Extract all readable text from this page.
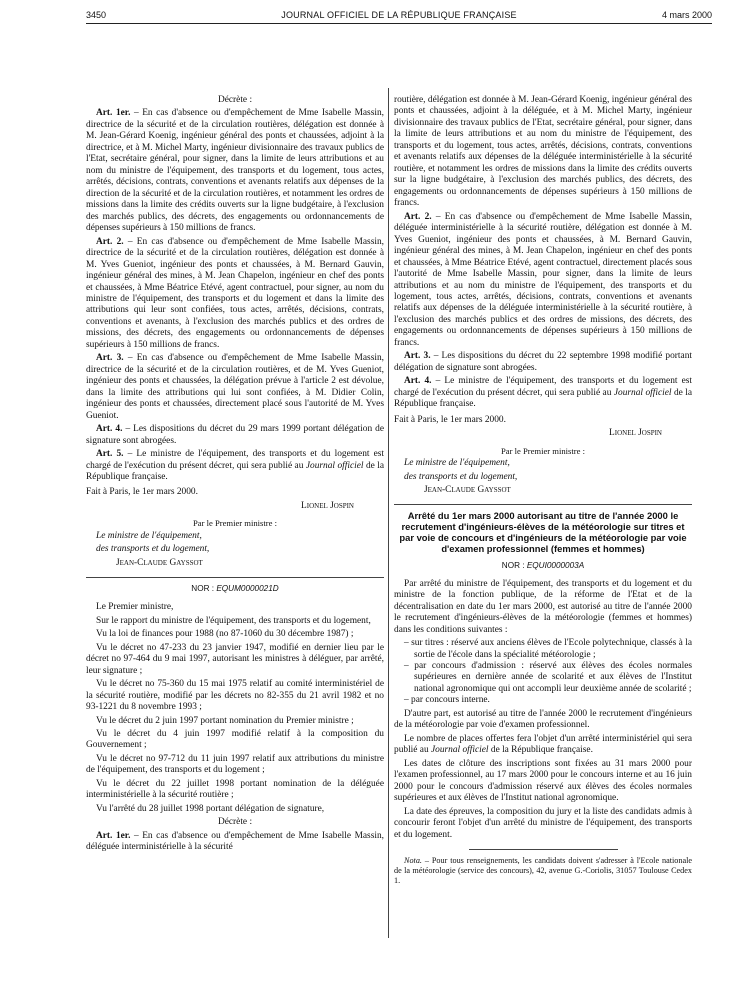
3450	JOURNAL OFFICIEL DE LA RÉPUBLIQUE FRANÇAISE	4 mars 2000

Décrète :

Art. 1er. – En cas d'absence ou d'empêchement de Mme Isabelle Massin, directrice de la sécurité et de la circulation routières, délégation est donnée à M. Jean-Gérard Koenig, ingénieur général des ponts et chaussées, adjoint à la directrice, et à M. Michel Marty, ingénieur divisionnaire des travaux publics de l'Etat, secrétaire général, pour signer, dans la limite de leurs attributions et au nom du ministre de l'équipement, des transports et du logement, tous actes, arrêtés, décisions, contrats, conventions et avenants relatifs aux dépenses de la direction de la sécurité et de la circulation routières, et notamment les ordres de missions dans la limite des crédits ouverts sur la ligne budgétaire, à l'exclusion des marchés publics, des décrets, des engagements ou ordonnancements de dépenses supérieurs à 150 millions de francs.

Art. 2. – En cas d'absence ou d'empêchement de Mme Isabelle Massin, directrice de la sécurité et de la circulation routières, délégation est donnée à M. Yves Gueniot, ingénieur des ponts et chaussées, à M. Bernard Gauvin, ingénieur général des mines, à M. Jean Chapelon, ingénieur en chef des ponts et chaussées, à Mme Béatrice Etévé, agent contractuel, pour signer, au nom du ministre de l'équipement, des transports et du logement et dans la limite des attributions qui leur sont confiées, tous actes, arrêtés, décisions, contrats, conventions et avenants, à l'exclusion des marchés publics et des ordres de missions, des décrets, des engagements ou ordonnancements de dépenses supérieurs à 150 millions de francs.

Art. 3. – En cas d'absence ou d'empêchement de Mme Isabelle Massin, directrice de la sécurité et de la circulation routières, et de M. Yves Gueniot, ingénieur des ponts et chaussées, la délégation prévue à l'article 2 est dévolue, dans la limite des attributions qui lui sont confiées, à M. Didier Colin, ingénieur des ponts et chaussées, directement placé sous l'autorité de M. Yves Gueniot.

Art. 4. – Les dispositions du décret du 29 mars 1999 portant délégation de signature sont abrogées.

Art. 5. – Le ministre de l'équipement, des transports et du logement est chargé de l'exécution du présent décret, qui sera publié au Journal officiel de la République française.

Fait à Paris, le 1er mars 2000.

Lionel Jospin

Par le Premier ministre :

Le ministre de l'équipement,

des transports et du logement,

Jean-Claude Gayssot

NOR : EQUM0000021D

Le Premier ministre,

Sur le rapport du ministre de l'équipement, des transports et du logement,

Vu la loi de finances pour 1988 (no 87-1060 du 30 décembre 1987) ;

Vu le décret no 47-233 du 23 janvier 1947, modifié en dernier lieu par le décret no 97-464 du 9 mai 1997, autorisant les ministres à déléguer, par arrêté, leur signature ;

Vu le décret no 75-360 du 15 mai 1975 relatif au comité interministériel de la sécurité routière, modifié par les décrets no 82-355 du 21 avril 1982 et no 93-1221 du 8 novembre 1993 ;

Vu le décret du 2 juin 1997 portant nomination du Premier ministre ;

Vu le décret du 4 juin 1997 modifié relatif à la composition du Gouvernement ;

Vu le décret no 97-712 du 11 juin 1997 relatif aux attributions du ministre de l'équipement, des transports et du logement ;

Vu le décret du 22 juillet 1998 portant nomination de la déléguée interministérielle à la sécurité routière ;

Vu l'arrêté du 28 juillet 1998 portant délégation de signature,

Décrète :

Art. 1er. – En cas d'absence ou d'empêchement de Mme Isabelle Massin, déléguée interministérielle à la sécurité

routière, délégation est donnée à M. Jean-Gérard Koenig, ingénieur général des ponts et chaussées, adjoint à la déléguée, et à M. Michel Marty, ingénieur divisionnaire des travaux publics de l'Etat, secrétaire général, pour signer, dans la limite de leurs attributions et au nom du ministre de l'équipement, des transports et du logement, tous actes, arrêtés, décisions, contrats, conventions et avenants relatifs aux dépenses de la déléguée interministérielle à la sécurité routière, et notamment les ordres de missions dans la limite des crédits ouverts sur la ligne budgétaire, à l'exclusion des marchés publics, des décrets, des engagements ou ordonnancements de dépenses supérieurs à 150 millions de francs.

Art. 2. – En cas d'absence ou d'empêchement de Mme Isabelle Massin, déléguée interministérielle à la sécurité routière, délégation est donnée à M. Yves Gueniot, ingénieur des ponts et chaussées, à M. Bernard Gauvin, ingénieur général des mines, à M. Jean Chapelon, ingénieur en chef des ponts et chaussées, à Mme Béatrice Etévé, agent contractuel, directement placés sous l'autorité de Mme Isabelle Massin, pour signer, dans la limite de leurs attributions et au nom du ministre de l'équipement, des transports et du logement, tous actes, arrêtés, décisions, contrats, conventions et avenants relatifs aux dépenses de la déléguée interministérielle à la sécurité routière, à l'exclusion des marchés publics et des ordres de missions, des décrets, des engagements ou ordonnancements de dépenses supérieurs à 150 millions de francs.

Art. 3. – Les dispositions du décret du 22 septembre 1998 modifié portant délégation de signature sont abrogées.

Art. 4. – Le ministre de l'équipement, des transports et du logement est chargé de l'exécution du présent décret, qui sera publié au Journal officiel de la République française.

Fait à Paris, le 1er mars 2000.

Lionel Jospin

Par le Premier ministre :

Le ministre de l'équipement,

des transports et du logement,

Jean-Claude Gayssot

Arrêté du 1er mars 2000 autorisant au titre de l'année 2000 le recrutement d'ingénieurs-élèves de la météorologie sur titres et par voie de concours et d'ingénieurs de la météorologie par voie d'examen professionnel (femmes et hommes)

NOR : EQUI0000003A

Par arrêté du ministre de l'équipement, des transports et du logement et du ministre de la fonction publique, de la réforme de l'Etat et de la décentralisation en date du 1er mars 2000, est autorisé au titre de l'année 2000 le recrutement d'ingénieurs-élèves de la météorologie (femmes et hommes) dans les conditions suivantes :

– sur titres : réservé aux anciens élèves de l'Ecole polytechnique, classés à la sortie de l'école dans la spécialité météorologie ;
– par concours d'admission : réservé aux élèves des écoles normales supérieures en dernière année de scolarité et aux élèves de l'Institut national agronomique qui ont accompli leur deuxième année de scolarité ;
– par concours interne.

D'autre part, est autorisé au titre de l'année 2000 le recrutement d'ingénieurs de la météorologie par voie d'examen professionnel.

Le nombre de places offertes fera l'objet d'un arrêté interministériel qui sera publié au Journal officiel de la République française.

Les dates de clôture des inscriptions sont fixées au 31 mars 2000 pour l'examen professionnel, au 17 mars 2000 pour le concours interne et au 16 juin 2000 pour le concours d'admission réservé aux élèves des écoles normales supérieures et aux élèves de l'Institut national agronomique.

La date des épreuves, la composition du jury et la liste des candidats admis à concourir feront l'objet d'un arrêté du ministre de l'équipement, des transports et du logement.

Nota. – Pour tous renseignements, les candidats doivent s'adresser à l'Ecole nationale de la météorologie (service des concours), 42, avenue G.-Coriolis, 31057 Toulouse Cedex 1.
